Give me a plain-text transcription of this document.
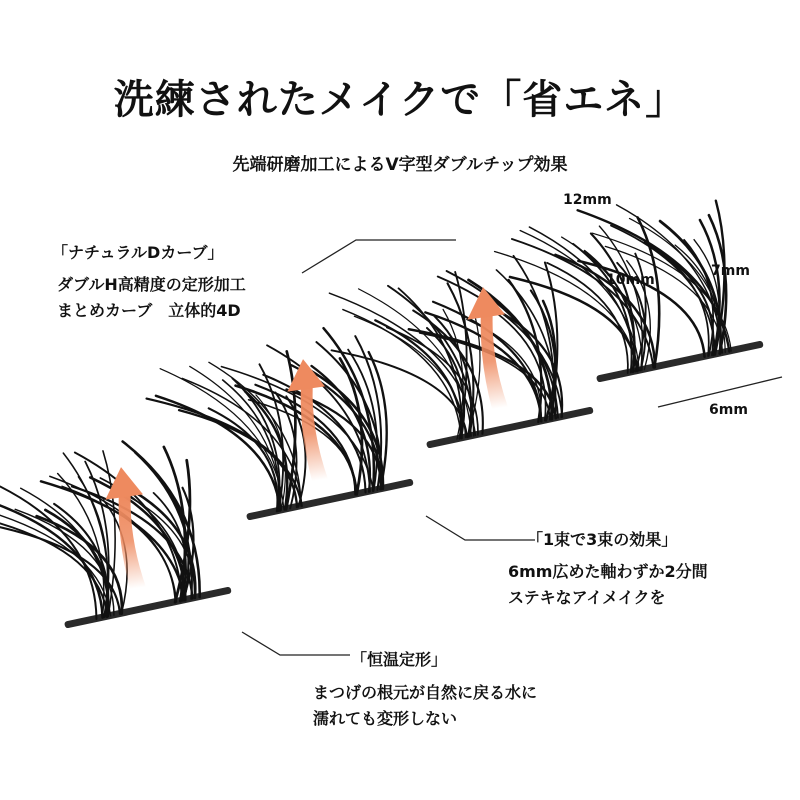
洗練されたメイクで「省エネ」
先端研磨加工によるV字型ダブルチップ効果
12mm
10mm
7mm
6mm
「ナチュラルDカーブ」
ダブルH高精度の定形加工
まとめカーブ　立体的4D
「1束で3束の効果」
6mm広めた軸わずか2分間
ステキなアイメイクを
「恒温定形」
まつげの根元が自然に戻る水に
濡れても変形しない
